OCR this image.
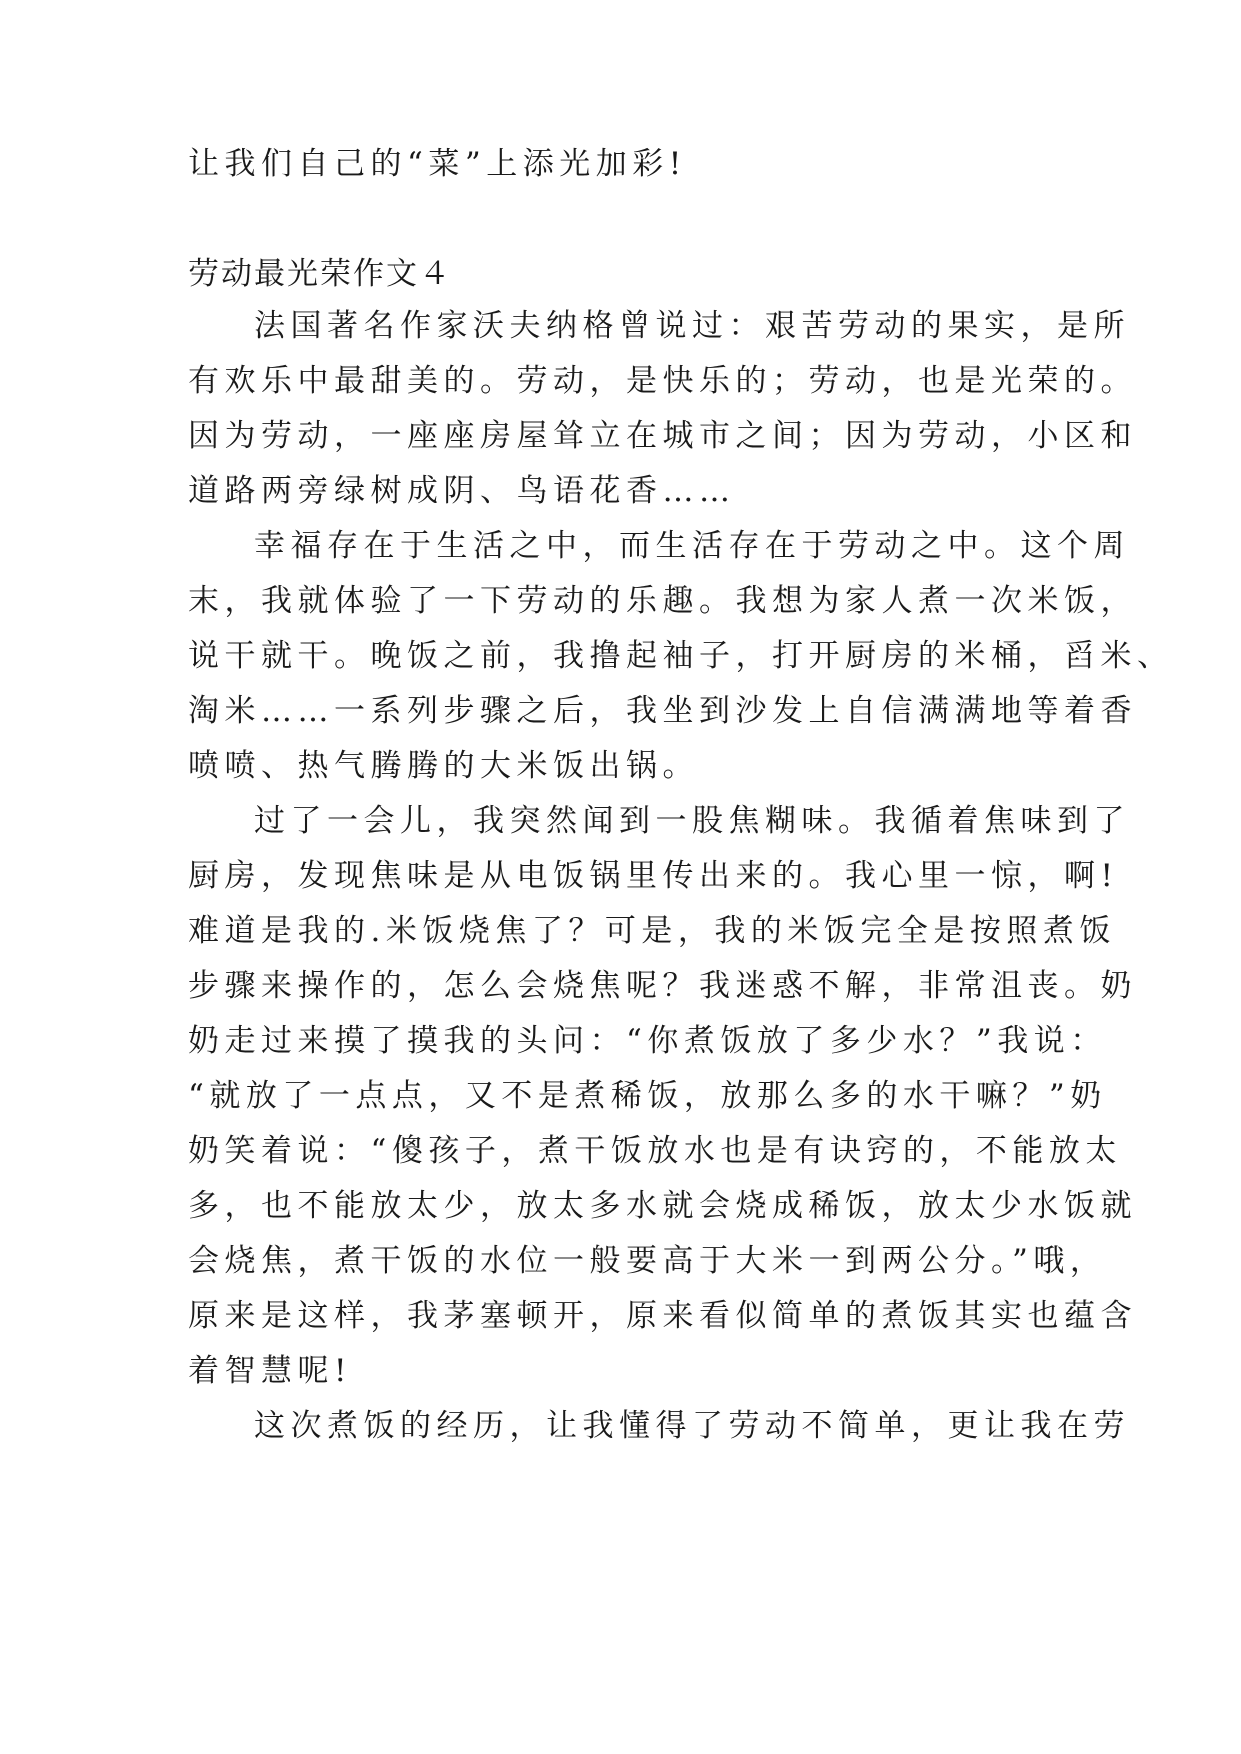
让我们自己的“菜”上添光加彩!
劳动最光荣作文４
法国著名作家沃夫纳格曾说过：艰苦劳动的果实，是所
有欢乐中最甜美的。劳动，是快乐的；劳动，也是光荣的。
因为劳动，一座座房屋耸立在城市之间；因为劳动，小区和
道路两旁绿树成阴、鸟语花香……
幸福存在于生活之中，而生活存在于劳动之中。这个周
末，我就体验了一下劳动的乐趣。我想为家人煮一次米饭，
说干就干。晚饭之前，我撸起袖子，打开厨房的米桶，舀米、
淘米……一系列步骤之后，我坐到沙发上自信满满地等着香
喷喷、热气腾腾的大米饭出锅。
过了一会儿，我突然闻到一股焦糊味。我循着焦味到了
厨房，发现焦味是从电饭锅里传出来的。我心里一惊，啊!
难道是我的.米饭烧焦了？可是，我的米饭完全是按照煮饭
步骤来操作的，怎么会烧焦呢？我迷惑不解，非常沮丧。奶
奶走过来摸了摸我的头问：“你煮饭放了多少水？”我说：
“就放了一点点，又不是煮稀饭，放那么多的水干嘛？”奶
奶笑着说：“傻孩子，煮干饭放水也是有诀窍的，不能放太
多，也不能放太少，放太多水就会烧成稀饭，放太少水饭就
会烧焦，煮干饭的水位一般要高于大米一到两公分。”哦，
原来是这样，我茅塞顿开，原来看似简单的煮饭其实也蕴含
着智慧呢!
这次煮饭的经历，让我懂得了劳动不简单，更让我在劳
